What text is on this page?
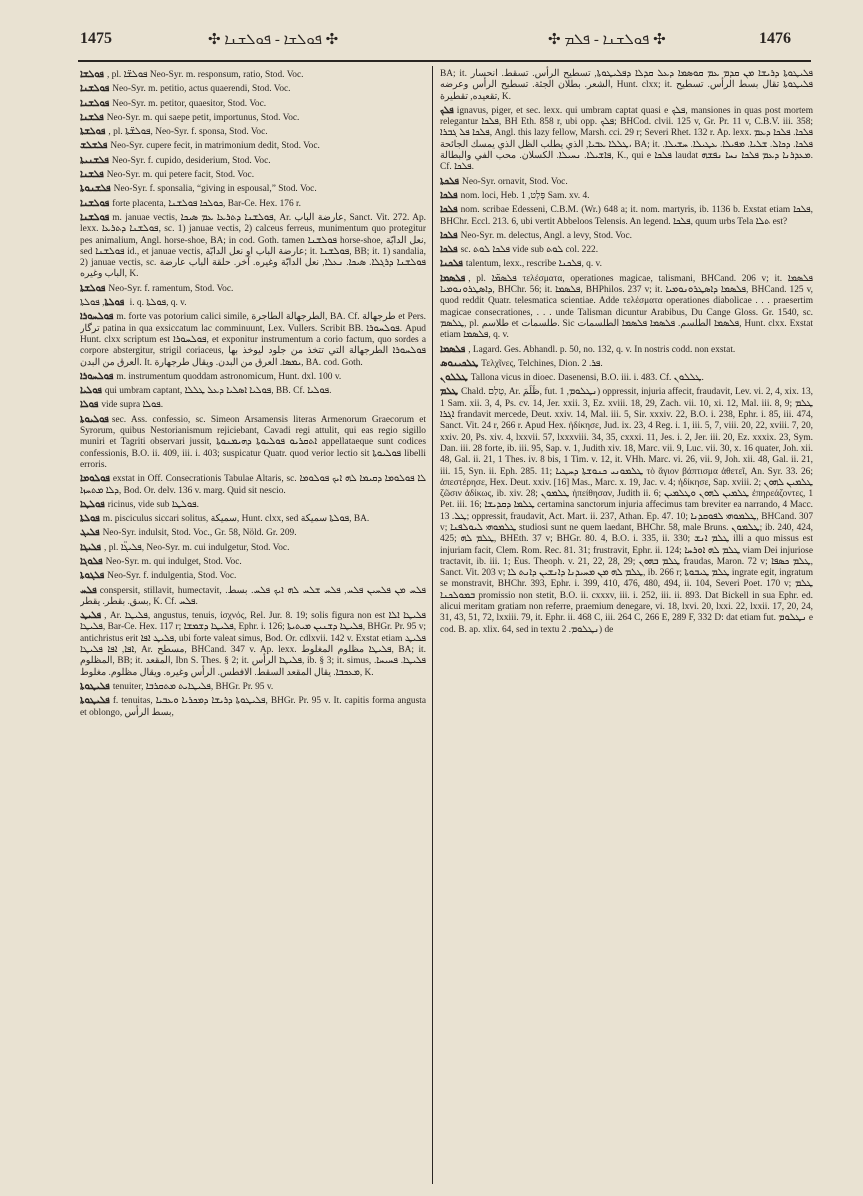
1475	✣ ܦܘܠܫܐ - ܦܘܠܫܢܐ ✣	✣ ܦܘܠܫܢܐ - ܦܠܡ ✣	1476

ܦܘܠܫܐ , pl. ܦܘܠܫ̈ܐ Neo-Syr. m. responsum, ratio, Stod. Voc.

ܦܘܠܫܢܐ Neo-Syr. m. petitio, actus quaerendi, Stod. Voc.

ܦܘܠܫܢܐ Neo-Syr. m. petitor, quaesitor, Stod. Voc.

ܦܠܫܢܐ Neo-Syr. m. qui saepe petit, importunus, Stod. Voc.

ܦܘܠܫܬܐ , pl. ܦܘܠܫ̈ܬܐ, Neo-Syr. f. sponsa, Stod. Voc.

ܦܠܫܠܫ Neo-Syr. cupere fecit, in matrimonium dedit, Stod. Voc.

ܦܠܫܢܝܬܐ Neo-Syr. f. cupido, desiderium, Stod. Voc.

ܦܠܫܢܐ Neo-Syr. m. qui petere facit, Stod. Voc.

ܦܠܫܢܘܬܐ Neo-Syr. f. sponsalia, “giving in espousal,” Stod. Voc.

ܦܘܠܫܢܐ forte placenta, ܟܘܠܟܐ ܦܘܠܫܢܐ, Bar-Ce. Hex. 176 r.

ܦܘܠܫܢܐ m. januae vectis, ܦܘܠܫܢܐ ܕܬܪܥܐ ܥܡ ܣܝܟܐ, Ar. عارضة الباب, Sanct. Vit. 272. Ap. lexx. ܦܘܠܫܢܐ ܕܬܪܥܐ, sc. 1) januae vectis, 2) calceus ferreus, munimentum quo protegitur pes animalium, Angl. horse-shoe, BA; in cod. Goth. tamen ܦܘܠܫܢܐ horse-shoe, نعل الدابّة, sed ܦܘܠܫܢܐ id., et januae vectis, عارضة الباب او نعل الدابّة; it. ܦܘܠܫܢܐ, BB; it. 1) sandalia, 2) januae vectis, sc. ܦܘܠܫܢܐ ܕܪܓܠܐ. ܣܝܟܐ. ܢܥܠܐ, نعل الدابّة وغيره. آخر. حلقة الباب عارضة الباب وغيره, K.

ܦܘܠܫܬܐ Neo-Syr. f. ramentum, Stod. Voc.

ܦܘܠܬܐ, ܦܘܠܬܐ i. q. ܦܘܠܬܐ, q. v.

ܦܘܠܚܘܪܐ m. forte vas potorium calici simile, الطرجهالة الطاجرة, BA. Cf. طرجهالة et Pers. ترگار patina in qua exsiccatum lac comminuunt, Lex. Vullers. Scribit BB. ܦܘܠܚܘܪܐ. Apud Hunt. clxx scriptum est ܦܘܠܚܘܪܐ, et exponitur instrumentum a corio factum, quo sordes a corpore abstergitur, strigil coriaceus, ܦܘܠܚܘܪܐ الطرجهالة التي تتخذ من جلود ليوخذ بها العرق من البدن. It. ܝܡܣܐ. العرق من البدن. ويقال طرجهارة, BA. cod. Goth.

ܦܘܠܚܘܪܐ m. instrumentum quoddam astronomicum, Hunt. dxl. 100 v.

ܦܘܠܝܐ qui umbram captant, ܦܘܠܝܐ ܐܣܠܝܐ ܕܥܠ ܛܠܠܐ, BB. Cf. ܦܘܠܝܐ.

ܦܘܠܐ vide supra ܦܘܠܐ.

ܦܘܠܝܘܬܐ sec. Ass. confessio, sc. Simeon Arsamensis literas Armenorum Graecorum et Syrorum, quibus Nestorianismum rejiciebant, Cavadi regi attulit, qui eas regio sigillo muniri et Tagriti observari jussit, ܐܬܩܪܝܘ ܦܘܠܝܘܬܐ ܕܗܝܡܢܘܬܐ appellataeque sunt codices confessionis, B.O. ii. 409, iii. i. 403; suspicatur Quatr. quod verior lectio sit ܦܘܠܝܘܬܐ libelli erroris.

ܦܘܠܘܡܐ exstat in Off. Consecrationis Tabulae Altaris, sc. ܠܐ ܦܘܠܘܡܐ ܕܩܝܡܐ ܠܗ ܐܝܟ ܦܘܠܘܡܐ ܕܠܐ ܡܬܚܙܐ, Bod. Or. delv. 136 v. marg. Quid sit nescio.

ܦܘܠܛܐ ricinus, vide sub ܦܘܠܛܐ.

ܦܘܠܬܐ m. pisciculus siccari solitus, سميكة, Hunt. clxx, sed ܦܘܠܬܐ سميكة, BA.

ܦܠܝܓ Neo-Syr. indulsit, Stod. Voc., Gr. 58, Nöld. Gr. 209.

ܦܠܝܓܐ , pl. ܦܠܝܓ̈ܐ, Neo-Syr. m. cui indulgetur, Stod. Voc.

ܦܠܘܓܐ Neo-Syr. m. qui indulget, Stod. Voc.

ܦܠܓܘܬܐ Neo-Syr. f. indulgentia, Stod. Voc.

ܦܠܚ conspersit, stillavit, humectavit, ܦܠܚ ܡܢ ܦܠܚܝܢ ܦܠܚ, ܦܠܚ ܫܠܚ ܠܗ ܐܝܟ ܦܠܚ. بسط. بسق. بقطر. يقطر, K. Cf. ܦܠܚ.

ܦܠܝܛ , Ar. ܦܠܝܛܐ, angustus, tenuis, ἰσχνός, Rel. Jur. 8. 19; solis figura non est ܦܠܝܛܐ ܐܠܐ ܦܠܝܛܐ, Bar-Ce. Hex. 117 r; ܦܠܝܛܐ ܕܫܡܫܐ, Ephr. i. 126; ܦܠܝܛܐ ܕܫܢܝܢ ܡܝܬܝܬܐ, BHGr. Pr. 95 v; antichristus erit ܦܠܝܛ ܐܦܐ, ubi forte valeat simus, Bod. Or. cdlxvii. 142 v. Exstat etiam ܦܠܝܛ ܐܦܐ, ܐܦܐ ܦܠܝܛܐ, Ar. مسطح, BHCand. 347 v. Ap. lexx. ܦܠܝܛܐ مظلوم المغلوط, BA; it. المظلوم, BB; it. المقعد, Ibn S. Thes. § 2; it. ܦܠܝܛܐ الرأس, ib. § 3; it. simus, ܦܠܝܛܐ. ܦܚܝܚܐ. ܡܥܟܒܐ. يقال المقعد السقط. الافطس. الرأس وغيره. ويقال مظلوم. مغلوط, K.

ܦܠܝܛܘܬܐ tenuiter, ܦܠܝܛܐܝܬ ܡܬܩܪܒܐ, BHGr. Pr. 95 v.

ܦܠܝܛܘܬܐ f. tenuitas, ܦܠܝܛܘܬܐ ܕܪܝܫܐ ܕܡܟܪܝܐ ܘܥܒܝܐ, BHGr. Pr. 95 v. It. capitis forma angusta et oblongo, بسط الرأس,

BA; it. ܦܠܝܛܘܬܐ ܕܪܝܫܐ ܡܢ ܩܕܡ ܥܡ ܩܘܣܡܐ ܕܥܠ ܩܕܠܐ ܕܦܠܝܛܘܬܐ, تسطيح الرأس. تسقط. انحسار الشعر. بطلان الجثة. تسطيح الرأس وعرضه, Hunt. clxx; it. ܦܠܝܛܘܬܐ تقال بسط الرأس. تسطيح تقعيده, تقطيرة, K.

ܦܠܟ ignavus, piger, et sec. lexx. qui umbram captat quasi e ܦܠܟ, mansiones in quas post mortem relegantur ܦܠܟܐ, BH Eth. 858 r, ubi opp. ܦܠܟ; BHCod. clvii. 125 v, Gr. Pr. 11 v, C.B.V. iii. 358; ܦܠܟܐ ܦܠ ܓܒܪܐ, Angl. this lazy fellow, Marsh. cci. 29 r; Severi Rhet. 132 r. Ap. lexx. ܦܠܟܐ. ܦܠܟܐ ܕܥܡ ܛܠܠܐ ܥܒܝܐ, الذي يطلب الظل الذي يمسك الجائحة، BA; it. ܦܠܟܐ. ܕܟܐܠ. ܫܠܝܐ. ܡܦܝܠܐ. ܥܛܝܠܐ. ܚܫܝܠܐ. ܦܐܫܝܠܐ. ܢܚܝܠܐ. الكسلان. محب الفي والبطالة, K., qui e ܦܠܟܐ laudat ܡܥܕܪܢܐ ܕܥܡ ܦܠܟܐ ܢܚܐ ܢܦܫܗ. Cf. ܦܠܟܐ.

ܦܠܟܬܐ Neo-Syr. ornavit, Stod. Voc.

ܦܠܟܐ nom. loci, Heb. פֶּלֶט, 1 Sam. xv. 4.

ܦܠܟܐ nom. scribae Edesseni, C.B.M. (Wr.) 648 a; it. nom. martyris, ib. 1136 b. Exstat etiam ܦܠܟܐ, BHChr. Eccl. 213. 6, ubi vertit Abbeloos Telensis. An legend. ܦܠܟܐ, quum urbs Tela ܬܠܐ est?

ܦܠܟܐ Neo-Syr. m. delectus, Angl. a levy, Stod. Voc.

ܦܠܟܐ sc. ܦܠܟܐ ܠܘܬ vide sub ܠܘܬ col. 222.

ܦܠܟܢܐ talentum, lexx., rescribe ܦܠܟܢܐ, q. v.

ܦܠܣܡܐ , pl. ܦܠܣܡ̈ܐ τελέσματα, operationes magicae, talismani, BHCand. 206 v; it. ܦܠܣܡܐ ܕܐܣܛܪܘܢܘܡܝܐ, BHChr. 56; it. ܦܠܣܡܐ, BHPhilos. 237 v; it. ܦܠܣܡܐ ܕܐܣܛܪܘܢܘܡܝܐ, BHCand. 125 v, quod reddit Quatr. telesmatica scientiae. Adde τελέσματα operationes diabolicae . . . praesertim magicae consecrationes, . . . unde Talisman dicuntur Arabibus, Du Cange Gloss. Gr. 1540, sc. ܛܠܣܡ, pl. طلاسم et طلسمات. Sic ܦܠܣܡܐ الطلسم. ܦܠܣܡܐ ܦܠܣܡܐ الطلسمات, Hunt. clxx. Exstat etiam ܦܠܣܡܐ, q. v.

ܦܠܣܡܐ , Lagard. Ges. Abhandl. p. 50, no. 132, q. v. In nostris codd. non exstat.

ܛܠܟܝܢܘܣ Τελχῖνες, Telchines, Dion. ܦܪ. 2.

ܛܠܠܘܢ Tallona vicus in dioec. Dasenensi, B.O. iii. i. 483. Cf. ܛܠܠܘܢ.

ܛܠܡ Chald. טְלַם, Ar. ظَلَمَ, fut. ܢܛܠܘܡ, 1) oppressit, injuria affecit, fraudavit, Lev. vi. 2, 4, xix. 13, 1 Sam. xii. 3, 4, Ps. cv. 14, Jer. xxii. 3, Ez. xviii. 18, 29, Zach. vii. 10, xi. 12, Mal. iii. 8, 9; ܛܠܡ ܐܓܪܐ frandavit mercede, Deut. xxiv. 14, Mal. iii. 5, Sir. xxxiv. 22, B.O. i. 238, Ephr. i. 85, iii. 474, Sanct. Vit. 24 r, 266 r. Apud Hex. ἠδίκησε, Jud. ix. 23, 4 Reg. i. 1, iii. 5, 7, viii. 20, 22, xviii. 7, 20, xxiv. 20, Ps. xiv. 4, lxxvii. 57, lxxxviii. 34, 35, cxxxi. 11, Jes. i. 2, Jer. iii. 20, Ez. xxxix. 23, Sym. Dan. iii. 28 forte, ib. iii. 95, Sap. v. 1, Judith xiv. 18, Marc. vii. 9, Luc. vii. 30, x. 16 quater, Joh. xii. 48, Gal. ii. 21, 1 Thes. iv. 8 bis, 1 Tim. v. 12, it. VHh. Marc. vi. 26, vii. 9, Joh. xii. 48, Gal. ii. 21, iii. 15, Syn. ii. Eph. 285. 11; ܛܠܡܘܢܝ ܟܢܘܫܬܐ ܕܚܛܝܐ τὸ ἅγιον βάπτισμα ἀθετεῖ, An. Syr. 33. 26; ἀπεστέρησε, Hex. Deut. xxiv. [16] Mas., Marc. x. 19, Jac. v. 4; ἠδίκησε, Sap. xviii. 2; ܛܠܡܝܢ ܠܗܘܢ ζῶσιν ἀδίκως, ib. xiv. 28; ܛܠܡܘܢ ἠπείθησαν, Judith ii. 6; ܛܠܡܝܢ ܠܗܘܢ ܘܛܠܡܝܢ ἐπηρεάζοντες, 1 Pet. iii. 16; ܛܠܡܐ ܕܩܕܝܫܐ certamina sanctorum injuria affecimus tam breviter ea narrando, 4 Macc. ܛܠ. 13; oppressit, fraudavit, Act. Mart. ii. 237, Athan. Ep. 47. 10; ܛܠܡܘܗܝ ܠܦܘܩܕܢܐ, BHCand. 307 v; ܛܠܡܘܗܝ ܠܝܘܠܦܢܐ studiosi sunt ne quem laedant, BHChr. 58, male Bruns. ܛܠܡܘܢ; ib. 240, 424, 425; ܛܠܡ ܠܗ, BHEth. 37 v; BHGr. 80. 4, B.O. i. 335, ii. 330; ܛܠܡ ܐܢܫ illi a quo missus est injuriam facit, Clem. Rom. Rec. 81. 31; frustravit, Ephr. ii. 124; ܛܠܡ ܠܗ ܐܘܪܚܐ viam Dei injuriose tractavit, ib. iii. 1; Eus. Theoph. v. 21, 22, 28, 29; ܛܠܡ ܒܗܘܢ fraudas, Maron. 72 v; ܛܠܡ ܟܣܦܐ, Sanct. Vit. 203 v; ܛܠܡ ܠܗ ܡܢ ܡܚܝܕܢܐ ܕܐܢܫܝܢ ܕܐܢܬ ܠܐ, ib. 266 r; ܛܠܡ ܛܝܒܘܬܐ ingrate egit, ingratum se monstravit, BHChr. 393, Ephr. i. 399, 410, 476, 480, 494, ii. 104, Severi Poet. 170 v; ܛܠܡ ܒܡܘܠܟܢܐ promissio non stetit, B.O. ii. cxxxv, iii. i. 252, iii. ii. 893. Dat Bickell in sua Ephr. ed. alicui meritam gratiam non referre, praemium denegare, vi. 18, lxvi. 20, lxxi. 22, lxxii. 17, 20, 24, 31, 43, 51, 72, lxxiii. 79, it. Ephr. ii. 468 C, iii. 264 C, 266 E, 289 F, 332 D: dat etiam fut. ܢܛܠܘܡ e cod. B. ap. xlix. 64, sed in textu ܢܛܠܘܡ. 2) de
